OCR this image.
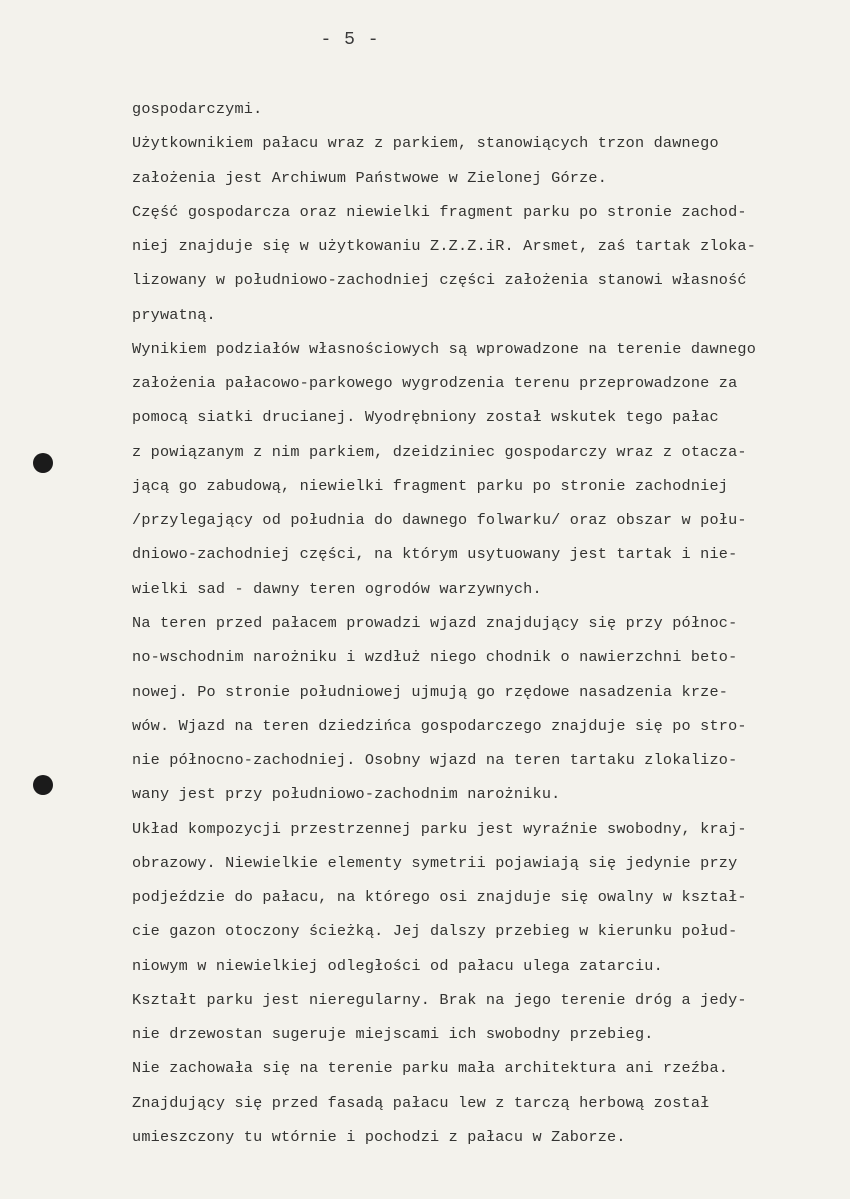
- 5 -
gospodarczymi.
Użytkownikiem pałacu wraz z parkiem, stanowiących trzon dawnego
założenia jest Archiwum Państwowe w Zielonej Górze.
Część gospodarcza oraz niewielki fragment parku po stronie zachod-
niej znajduje się w użytkowaniu Z.Z.Z.iR. Arsmet, zaś tartak zloka-
lizowany w południowo-zachodniej części założenia stanowi własność
prywatną.
Wynikiem podziałów własnościowych są wprowadzone na terenie dawnego
założenia pałacowo-parkowego wygrodzenia terenu przeprowadzone za
pomocą siatki drucianej. Wyodrębniony został wskutek tego pałac
z powiązanym z nim parkiem, dzeidziniec gospodarczy wraz z otacza-
jącą go zabudową, niewielki fragment parku po stronie zachodniej
/przylegający od południa do dawnego folwarku/ oraz obszar w połu-
dniowo-zachodniej części, na którym usytuowany jest tartak i nie-
wielki sad - dawny teren ogrodów warzywnych.
Na teren przed pałacem prowadzi wjazd znajdujący się przy północ-
no-wschodnim narożniku i wzdłuż niego chodnik o nawierzchni beto-
nowej. Po stronie południowej ujmują go rzędowe nasadzenia krze-
wów. Wjazd na teren dziedzińca gospodarczego znajduje się po stro-
nie północno-zachodniej. Osobny wjazd na teren tartaku zlokalizo-
wany jest przy południowo-zachodnim narożniku.
Układ kompozycji przestrzennej parku jest wyraźnie swobodny, kraj-
obrazowy. Niewielkie elementy symetrii pojawiają się jedynie przy
podjeździe do pałacu, na którego osi znajduje się owalny w kształ-
cie gazon otoczony ścieżką. Jej dalszy przebieg w kierunku połud-
niowym w niewielkiej odległości od pałacu ulega zatarciu.
Kształt parku jest nieregularny. Brak na jego terenie dróg a jedy-
nie drzewostan sugeruje miejscami ich swobodny przebieg.
Nie zachowała się na terenie parku mała architektura ani rzeźba.
Znajdujący się przed fasadą pałacu lew z tarczą herbową został
umieszczony tu wtórnie i pochodzi z pałacu w Zaborze.
